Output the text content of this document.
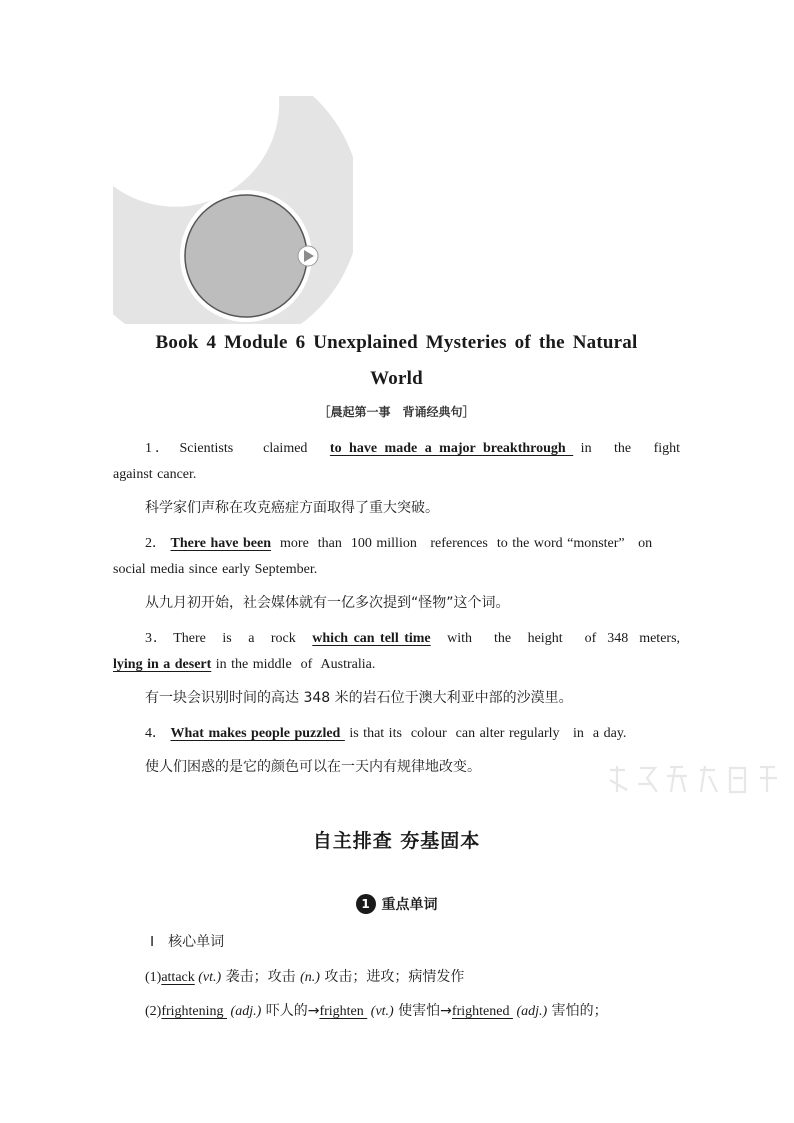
Book 4 Module 6 Unexplained Mysteries of the Natural
World
［晨起第一事　背诵经典句］
1． Scientists    claimed   to have made a major breakthrough  in   the   fight
against cancer.
科学家们声称在攻克癌症方面取得了重大突破。
2． There have been  more  than  100 million   references  to the word “monster”   on
social media since early September.
从九月初开始，社会媒体就有一亿多次提到“怪物”这个词。
3． There   is   a   rock   which can tell time   with    the   height    of  348  meters,
lying in a desert in the middle  of  Australia.
有一块会识别时间的高达 348 米的岩石位于澳大利亚中部的沙漠里。
4． What makes people puzzled  is that its  colour  can alter regularly   in  a day.
使人们困惑的是它的颜色可以在一天内有规律地改变。
自主排查 夯基固本
1 重点单词
Ⅰ 核心单词
(1)attack (vt.) 袭击；攻击 (n.) 攻击；进攻；病情发作
(2)frightening  (adj.) 吓人的→frighten  (vt.) 使害怕→frightened  (adj.) 害怕的；
